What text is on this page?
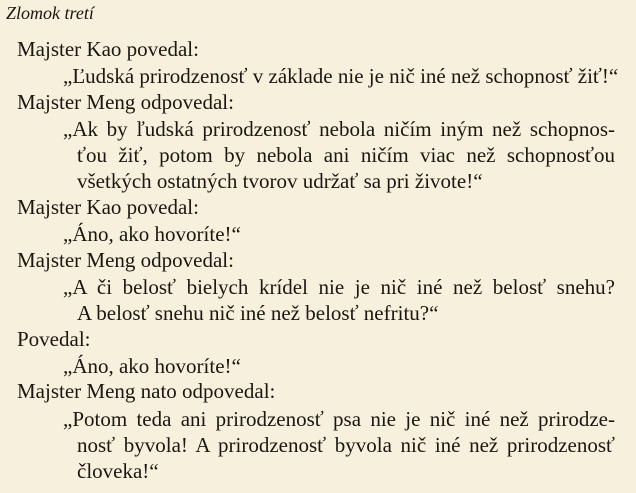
Zlomok tretí
Majster Kao povedal:
„Ľudská prirodzenosť v základe nie je nič iné než schopnosť žiť!“
Majster Meng odpovedal:
„Ak by ľudská prirodzenosť nebola ničím iným než schopnos-
ťou žiť, potom by nebola ani ničím viac než schopnosťou
všetkých ostatných tvorov udržať sa pri živote!“
Majster Kao povedal:
„Áno, ako hovoríte!“
Majster Meng odpovedal:
„A či belosť bielych krídel nie je nič iné než belosť snehu?
A belosť snehu nič iné než belosť nefritu?“
Povedal:
„Áno, ako hovoríte!“
Majster Meng nato odpovedal:
„Potom teda ani prirodzenosť psa nie je nič iné než prirodze-
nosť byvola! A prirodzenosť byvola nič iné než prirodzenosť
človeka!“
